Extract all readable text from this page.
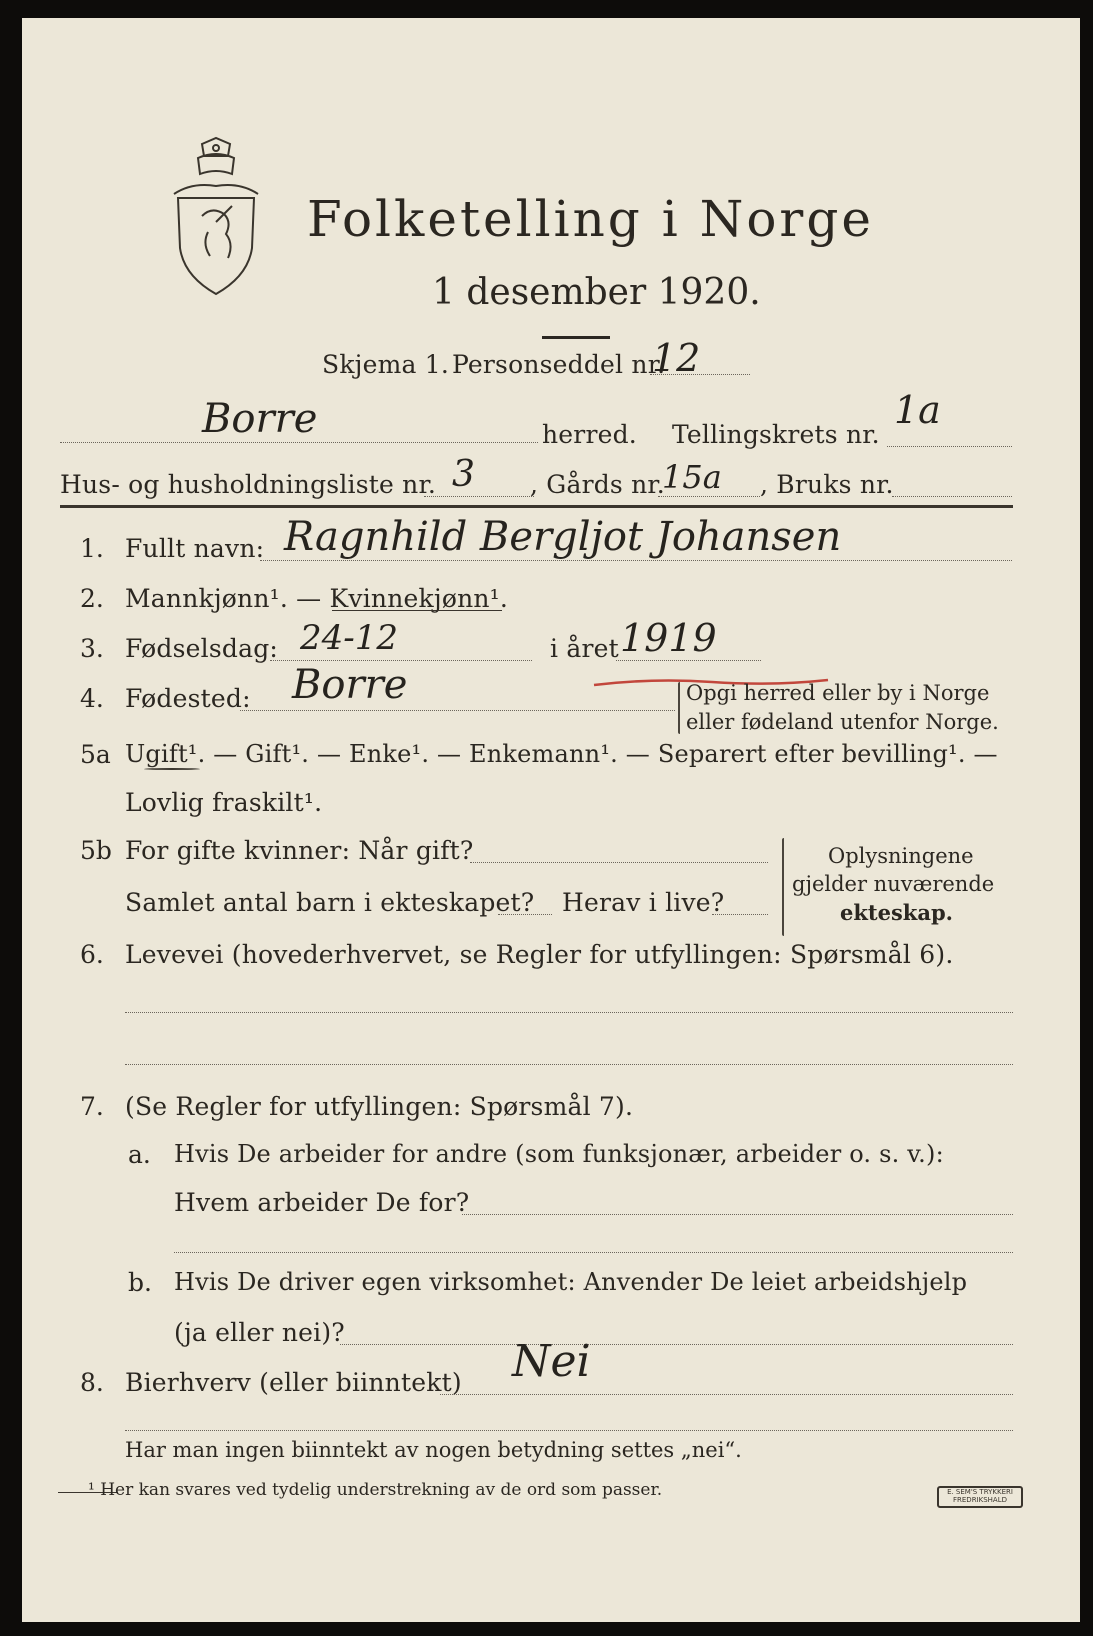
Folketelling i Norge
1 desember 1920.
Skjema 1. Personseddel nr.
12
Borre	herred. Tellingskrets nr.
1a
Hus- og husholdningsliste nr. 3 , Gårds nr.
15a , Bruks nr.
1. Fullt navn: Ragnhild Bergljot Johansen
2. Mannkjønn¹. — Kvinnekjønn¹.
3. Fødselsdag: 24-12	i året 1919
4. Fødested: Borre	Opgi herred eller by i Norge
eller fødeland utenfor Norge.
5a Ugift¹. — Gift¹. — Enke¹. — Enkemann¹. — Separert efter bevilling¹. —
Lovlig fraskilt¹.
5b For gifte kvinner: Når gift?
Samlet antal barn i ekteskapet? Herav i live?
Oplysningene
gjelder nuværende
ekteskap.
6. Levevei (hovederhvervet, se Regler for utfyllingen: Spørsmål 6).
7. (Se Regler for utfyllingen: Spørsmål 7).
a. Hvis De arbeider for andre (som funksjonær, arbeider o. s. v.):
Hvem arbeider De for?
b. Hvis De driver egen virksomhet: Anvender De leiet arbeidshjelp
(ja eller nei)?
8. Bierhverv (eller biinntekt) Nei
Har man ingen biinntekt av nogen betydning settes „nei“.
¹ Her kan svares ved tydelig understrekning av de ord som passer.	E. SEM'S TRYKKERI FREDRIKSHALD
